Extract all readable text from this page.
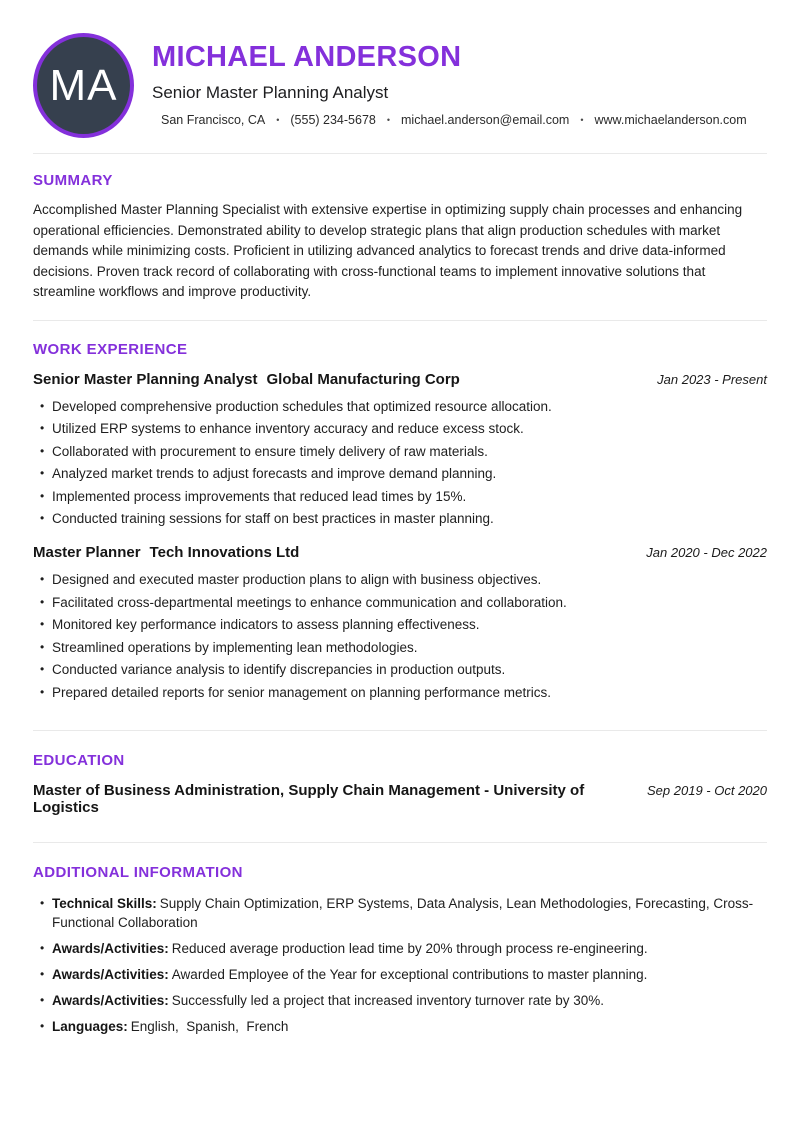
MA
MICHAEL ANDERSON
Senior Master Planning Analyst
San Francisco, CA • (555) 234-5678 • michael.anderson@email.com • www.michaelanderson.com
SUMMARY

Accomplished Master Planning Specialist with extensive expertise in optimizing supply chain processes and enhancing operational efficiencies. Demonstrated ability to develop strategic plans that align production schedules with market demands while minimizing costs. Proficient in utilizing advanced analytics to forecast trends and drive data-informed decisions. Proven track record of collaborating with cross-functional teams to implement innovative solutions that streamline workflows and improve productivity.

WORK EXPERIENCE
Senior Master Planning Analyst Global Manufacturing Corp	Jan 2023 - Present
• Developed comprehensive production schedules that optimized resource allocation.
• Utilized ERP systems to enhance inventory accuracy and reduce excess stock.
• Collaborated with procurement to ensure timely delivery of raw materials.
• Analyzed market trends to adjust forecasts and improve demand planning.
• Implemented process improvements that reduced lead times by 15%.
• Conducted training sessions for staff on best practices in master planning.
Master Planner Tech Innovations Ltd	Jan 2020 - Dec 2022
• Designed and executed master production plans to align with business objectives.
• Facilitated cross-departmental meetings to enhance communication and collaboration.
• Monitored key performance indicators to assess planning effectiveness.
• Streamlined operations by implementing lean methodologies.
• Conducted variance analysis to identify discrepancies in production outputs.
• Prepared detailed reports for senior management on planning performance metrics.
EDUCATION
Master of Business Administration, Supply Chain Management - University of Logistics
Sep 2019 - Oct 2020
ADDITIONAL INFORMATION
• Technical Skills: Supply Chain Optimization, ERP Systems, Data Analysis, Lean Methodologies, Forecasting, Cross-Functional Collaboration
• Awards/Activities: Reduced average production lead time by 20% through process re-engineering.
• Awards/Activities: Awarded Employee of the Year for exceptional contributions to master planning.
• Awards/Activities: Successfully led a project that increased inventory turnover rate by 30%.
• Languages: English,  Spanish,  French
